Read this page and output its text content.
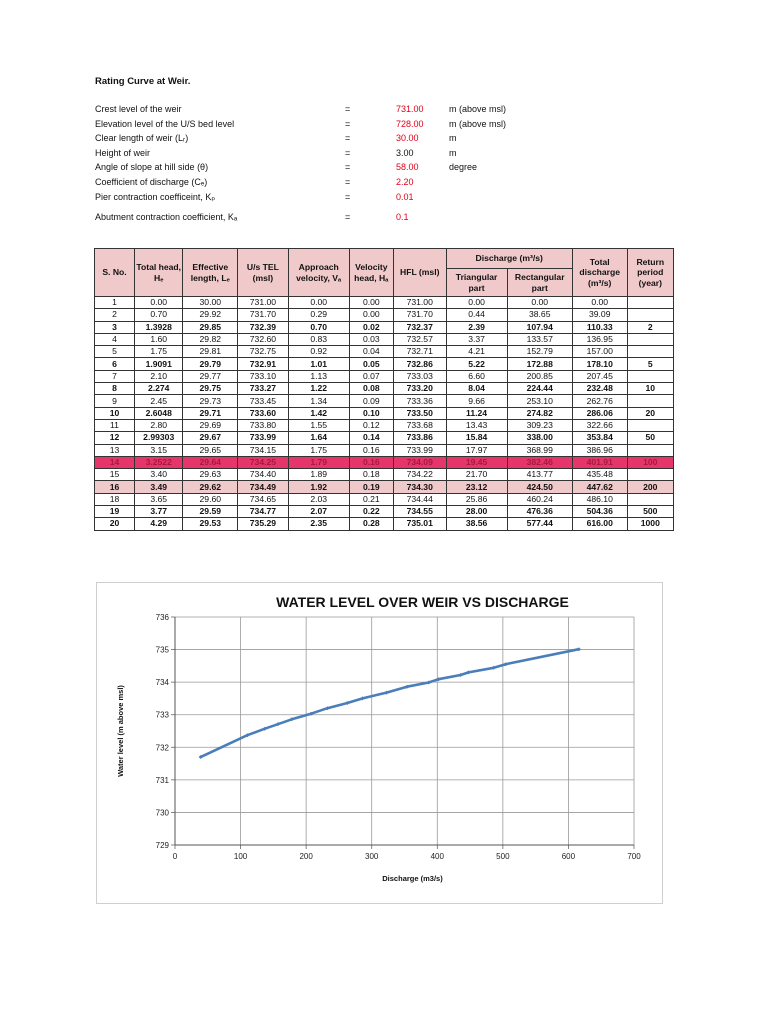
Rating Curve at Weir.
Crest level of the weir	=	731.00	m (above msl)
Elevation level of the U/S bed level	=	728.00	m (above msl)
Clear length of weir (Lᵣ)	=	30.00	m
Height of weir	=	3.00	m
Angle of slope at hill side (θ)	=	58.00	degree
Coefficient of discharge (Cₑ)	=	2.20
Pier contraction coefficeint, Kₚ	=	0.01
Abutment contraction coefficient, Kₐ	=	0.1
S. No.	Total head, Hₑ	Effective length, Lₑ	U/s TEL (msl)	Approach velocity, Vₐ	Velocity head, Hₐ	HFL (msl)	Discharge (m³/s)		Total discharge (m³/s)	Return period (year)
							Triangular part	Rectangular part		
1	0.00	30.00	731.00	0.00	0.00	731.00	0.00	0.00	0.00	
2	0.70	29.92	731.70	0.29	0.00	731.70	0.44	38.65	39.09	
3	1.3928	29.85	732.39	0.70	0.02	732.37	2.39	107.94	110.33	2
4	1.60	29.82	732.60	0.83	0.03	732.57	3.37	133.57	136.95	
5	1.75	29.81	732.75	0.92	0.04	732.71	4.21	152.79	157.00	
6	1.9091	29.79	732.91	1.01	0.05	732.86	5.22	172.88	178.10	5
7	2.10	29.77	733.10	1.13	0.07	733.03	6.60	200.85	207.45	
8	2.274	29.75	733.27	1.22	0.08	733.20	8.04	224.44	232.48	10
9	2.45	29.73	733.45	1.34	0.09	733.36	9.66	253.10	262.76	
10	2.6048	29.71	733.60	1.42	0.10	733.50	11.24	274.82	286.06	20
11	2.80	29.69	733.80	1.55	0.12	733.68	13.43	309.23	322.66	
12	2.99303	29.67	733.99	1.64	0.14	733.86	15.84	338.00	353.84	50
13	3.15	29.65	734.15	1.75	0.16	733.99	17.97	368.99	386.96	
14	3.2522	29.64	734.25	1.79	0.16	734.09	19.45	382.46	401.91	100
15	3.40	29.63	734.40	1.89	0.18	734.22	21.70	413.77	435.48	
16	3.49	29.62	734.49	1.92	0.19	734.30	23.12	424.50	447.62	200
18	3.65	29.60	734.65	2.03	0.21	734.44	25.86	460.24	486.10	
19	3.77	29.59	734.77	2.07	0.22	734.55	28.00	476.36	504.36	500
20	4.29	29.53	735.29	2.35	0.28	735.01	38.56	577.44	616.00	1000
WATER LEVEL OVER WEIR VS DISCHARGE
729
730
731
732
733
734
735
736
0	100	200	300	400	500	600	700
Discharge (m3/s)
Water level (m above msl)
